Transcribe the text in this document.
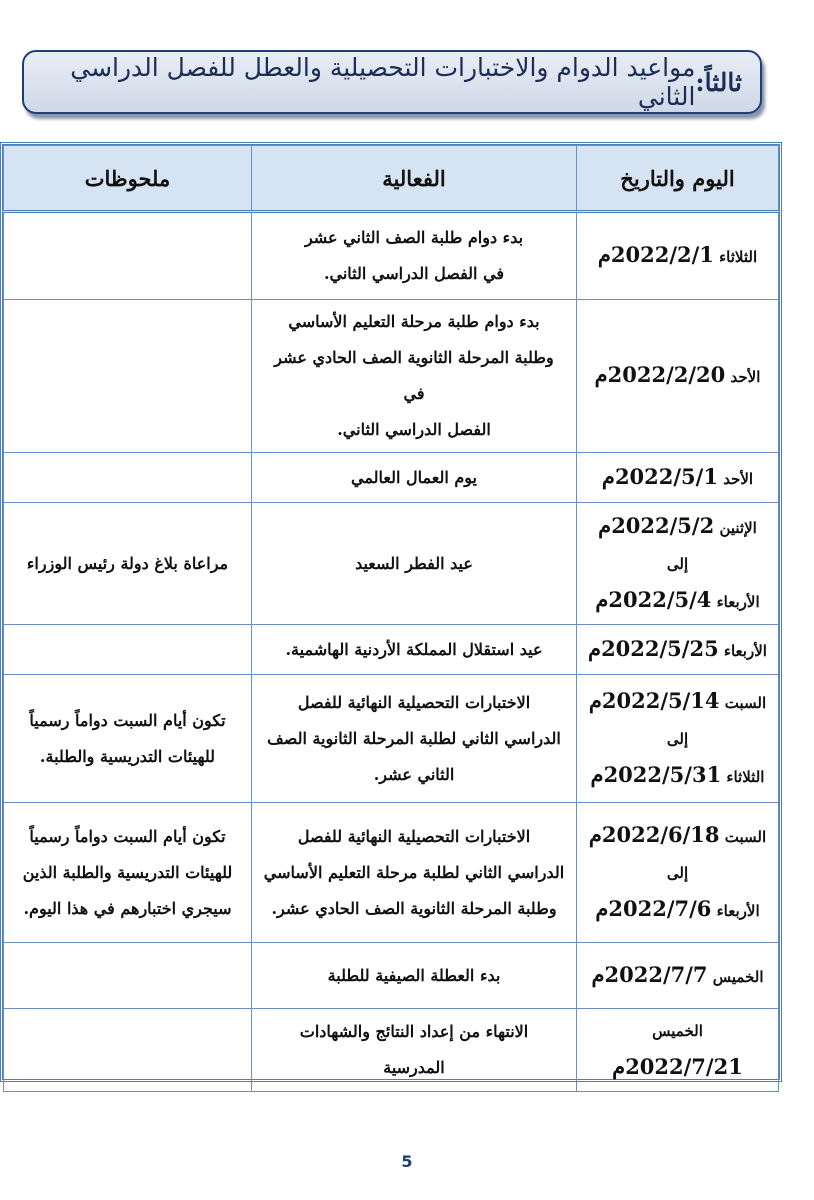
ثالثاً
:
مواعيد الدوام والاختبارات التحصيلية والعطل للفصل الدراسي الثاني
اليوم والتاريخ	الفعالية	ملحوظات

الثلاثاء 2022/2/1م	بدء دوام طلبة الصف الثاني عشر
في الفصل الدراسي الثاني.	

الأحد 2022/2/20م	بدء دوام طلبة مرحلة التعليم الأساسي
وطلبة المرحلة الثانوية الصف الحادي عشر في
الفصل الدراسي الثاني.	

الأحد 2022/5/1م	يوم العمال العالمي	

الإثنين 2022/5/2م
إلى
الأربعاء 2022/5/4م	عيد الفطر السعيد	مراعاة بلاغ دولة رئيس الوزراء

الأربعاء 2022/5/25م	عيد استقلال المملكة الأردنية الهاشمية.	

السبت 2022/5/14م
إلى
الثلاثاء 2022/5/31م	الاختبارات التحصيلية النهائية للفصل
الدراسي الثاني لطلبة المرحلة الثانوية الصف
الثاني عشر.	تكون أيام السبت دواماً رسمياً
للهيئات التدريسية والطلبة.

السبت 2022/6/18م
إلى
الأربعاء 2022/7/6م	الاختبارات التحصيلية النهائية للفصل
الدراسي الثاني لطلبة مرحلة التعليم الأساسي
وطلبة المرحلة الثانوية الصف الحادي عشر.	تكون أيام السبت دواماً رسمياً
للهيئات التدريسية والطلبة الذين
سيجري اختبارهم في هذا اليوم.

الخميس 2022/7/7م	بدء العطلة الصيفية للطلبة	

الخميس 2022/7/21م	الانتهاء من إعداد النتائج والشهادات
المدرسية	

5
